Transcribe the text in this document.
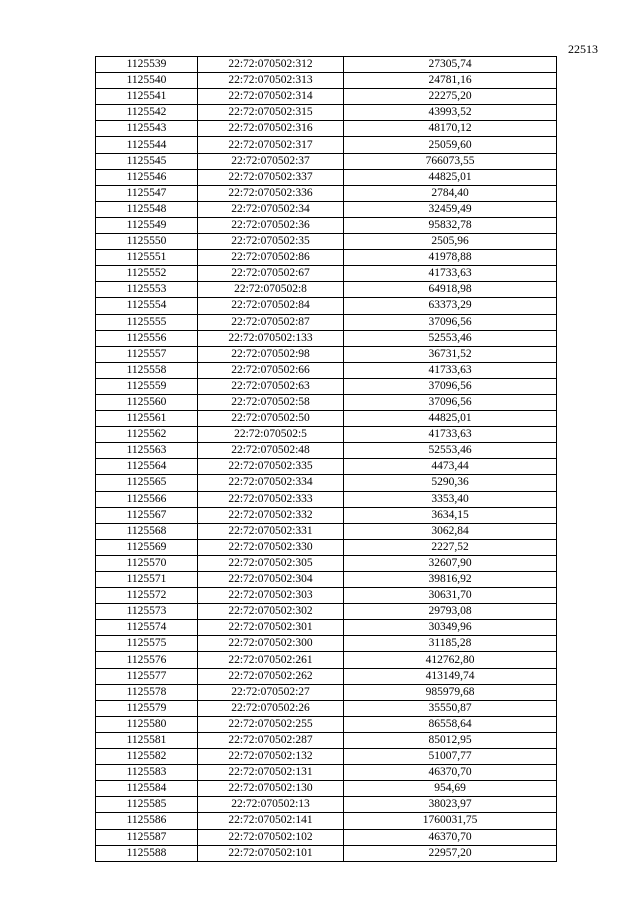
22513
1125539	22:72:070502:312	27305,74
1125540	22:72:070502:313	24781,16
1125541	22:72:070502:314	22275,20
1125542	22:72:070502:315	43993,52
1125543	22:72:070502:316	48170,12
1125544	22:72:070502:317	25059,60
1125545	22:72:070502:37	766073,55
1125546	22:72:070502:337	44825,01
1125547	22:72:070502:336	2784,40
1125548	22:72:070502:34	32459,49
1125549	22:72:070502:36	95832,78
1125550	22:72:070502:35	2505,96
1125551	22:72:070502:86	41978,88
1125552	22:72:070502:67	41733,63
1125553	22:72:070502:8	64918,98
1125554	22:72:070502:84	63373,29
1125555	22:72:070502:87	37096,56
1125556	22:72:070502:133	52553,46
1125557	22:72:070502:98	36731,52
1125558	22:72:070502:66	41733,63
1125559	22:72:070502:63	37096,56
1125560	22:72:070502:58	37096,56
1125561	22:72:070502:50	44825,01
1125562	22:72:070502:5	41733,63
1125563	22:72:070502:48	52553,46
1125564	22:72:070502:335	4473,44
1125565	22:72:070502:334	5290,36
1125566	22:72:070502:333	3353,40
1125567	22:72:070502:332	3634,15
1125568	22:72:070502:331	3062,84
1125569	22:72:070502:330	2227,52
1125570	22:72:070502:305	32607,90
1125571	22:72:070502:304	39816,92
1125572	22:72:070502:303	30631,70
1125573	22:72:070502:302	29793,08
1125574	22:72:070502:301	30349,96
1125575	22:72:070502:300	31185,28
1125576	22:72:070502:261	412762,80
1125577	22:72:070502:262	413149,74
1125578	22:72:070502:27	985979,68
1125579	22:72:070502:26	35550,87
1125580	22:72:070502:255	86558,64
1125581	22:72:070502:287	85012,95
1125582	22:72:070502:132	51007,77
1125583	22:72:070502:131	46370,70
1125584	22:72:070502:130	954,69
1125585	22:72:070502:13	38023,97
1125586	22:72:070502:141	1760031,75
1125587	22:72:070502:102	46370,70
1125588	22:72:070502:101	22957,20
